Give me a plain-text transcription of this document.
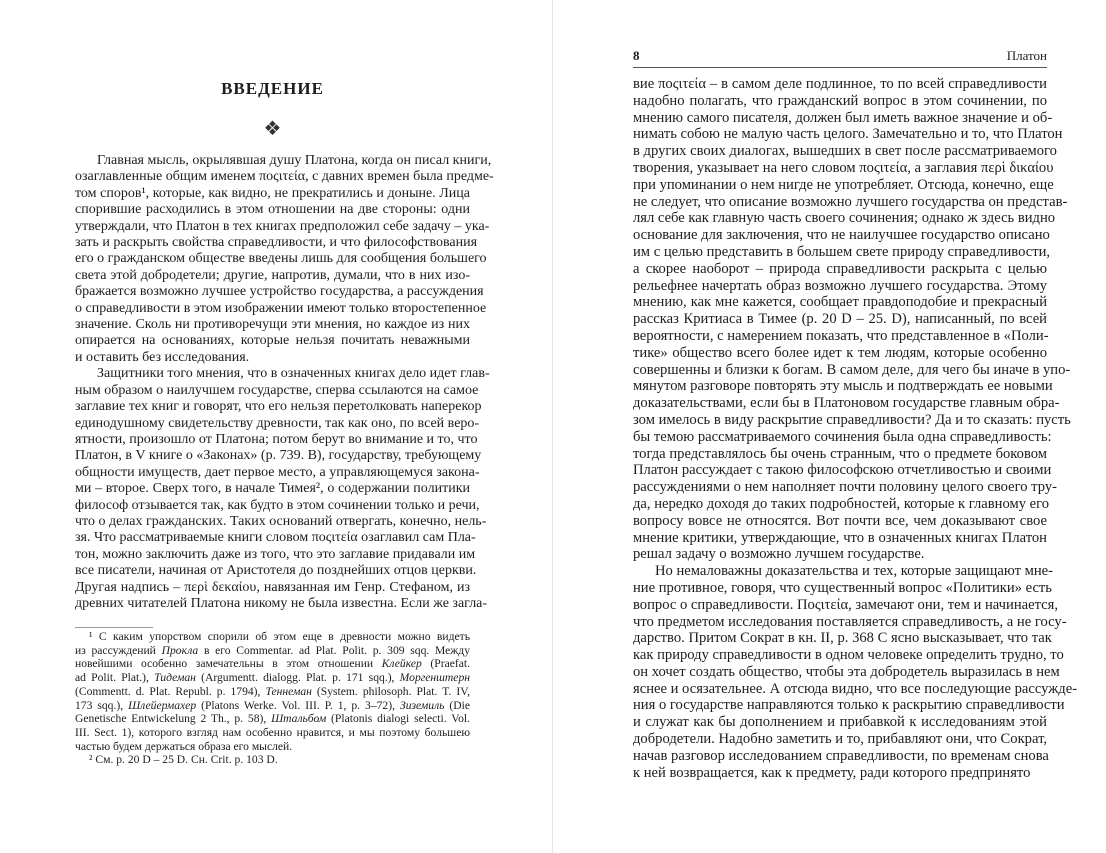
ВВЕДЕНИЕ
❖
Главная мысль, окрылявшая душу Платона, когда он писал книги,
озаглавленные общим именем ποςιτεία, с давних времен была предме-
том споров¹, которые, как видно, не прекратились и доныне. Лица
спорившие расходились в этом отношении на две стороны: одни
утверждали, что Платон в тех книгах предположил себе задачу – ука-
зать и раскрыть свойства справедливости, и что философствования
его о гражданском обществе введены лишь для сообщения большего
света этой добродетели; другие, напротив, думали, что в них изо-
бражается возможно лучшее устройство государства, а рассуждения
о справедливости в этом изображении имеют только второстепенное
значение. Сколь ни противоречущи эти мнения, но каждое из них
опирается на основаниях, которые нельзя почитать неважными
и оставить без исследования.
Защитники того мнения, что в означенных книгах дело идет глав-
ным образом о наилучшем государстве, сперва ссылаются на самое
заглавие тех книг и говорят, что его нельзя перетолковать наперекор
единодушному свидетельству древности, так как оно, по всей веро-
ятности, произошло от Платона; потом берут во внимание и то, что
Платон, в V книге о «Законах» (p. 739. B), государству, требующему
общности имуществ, дает первое место, а управляющемуся закона-
ми – второе. Сверх того, в начале Тимея², о содержании политики
философ отзывается так, как будто в этом сочинении только и речи,
что о делах гражданских. Таких оснований отвергать, конечно, нель-
зя. Что рассматриваемые книги словом ποςιτεία озаглавил сам Пла-
тон, можно заключить даже из того, что это заглавие придавали им
все писатели, начиная от Аристотеля до позднейших отцов церкви.
Другая надпись – περὶ δεκαίου, навязанная им Генр. Стефаном, из
древних читателей Платона никому не была известна. Если же загла-
¹ С каким упорством спорили об этом еще в древности можно видеть
из рассуждений Прокла в его Commentar. ad Plat. Polit. p. 309 sqq. Между
новейшими особенно замечательны в этом отношении Клейкер (Praefat.
ad Polit. Plat.), Тидеман (Argumentt. dialogg. Plat. p. 171 sqq.), Моргенштерн
(Commentt. d. Plat. Republ. p. 1794), Теннеман (System. philosoph. Plat. T. IV,
173 sqq.), Шлейермахер (Platons Werke. Vol. III. P. 1, p. 3–72), Зиземиль (Die
Genetische Entwickelung 2 Th., p. 58), Штальбом (Platonis dialogi selecti. Vol.
III. Sect. 1), которого взгляд нам особенно нравится, и мы поэтому большею
частью будем держаться образа его мыслей.
² См. p. 20 D – 25 D. Сн. Crit. p. 103 D.
8	Платон
вие ποςιτεία – в самом деле подлинное, то по всей справедливости
надобно полагать, что гражданский вопрос в этом сочинении, по
мнению самого писателя, должен был иметь важное значение и об-
нимать собою не малую часть целого. Замечательно и то, что Платон
в других своих диалогах, вышедших в свет после рассматриваемого
творения, указывает на него словом ποςιτεία, а заглавия περὶ δικαίου
при упоминании о нем нигде не употребляет. Отсюда, конечно, еще
не следует, что описание возможно лучшего государства он представ-
лял себе как главную часть своего сочинения; однако ж здесь видно
основание для заключения, что не наилучшее государство описано
им с целью представить в большем свете природу справедливости,
а скорее наоборот – природа справедливости раскрыта с целью
рельефнее начертать образ возможно лучшего государства. Этому
мнению, как мне кажется, сообщает правдоподобие и прекрасный
рассказ Критиаса в Тимее (p. 20 D – 25. D), написанный, по всей
вероятности, с намерением показать, что представленное в «Поли-
тике» общество всего более идет к тем людям, которые особенно
совершенны и близки к богам. В самом деле, для чего бы иначе в упо-
мянутом разговоре повторять эту мысль и подтверждать ее новыми
доказательствами, если бы в Платоновом государстве главным обра-
зом имелось в виду раскрытие справедливости? Да и то сказать: пусть
бы темою рассматриваемого сочинения была одна справедливость:
тогда представлялось бы очень странным, что о предмете боковом
Платон рассуждает с такою философскою отчетливостью и своими
рассуждениями о нем наполняет почти половину целого своего тру-
да, нередко доходя до таких подробностей, которые к главному его
вопросу вовсе не относятся. Вот почти все, чем доказывают свое
мнение критики, утверждающие, что в означенных книгах Платон
решал задачу о возможно лучшем государстве.
Но немаловажны доказательства и тех, которые защищают мне-
ние противное, говоря, что существенный вопрос «Политики» есть
вопрос о справедливости. Ποςιτεία, замечают они, тем и начинается,
что предметом исследования поставляется справедливость, а не госу-
дарство. Притом Сократ в кн. II, p. 368 C ясно высказывает, что так
как природу справедливости в одном человеке определить трудно, то
он хочет создать общество, чтобы эта добродетель выразилась в нем
яснее и осязательнее. А отсюда видно, что все последующие рассужде-
ния о государстве направляются только к раскрытию справедливости
и служат как бы дополнением и прибавкой к исследованиям этой
добродетели. Надобно заметить и то, прибавляют они, что Сократ,
начав разговор исследованием справедливости, по временам снова
к ней возвращается, как к предмету, ради которого предпринято
